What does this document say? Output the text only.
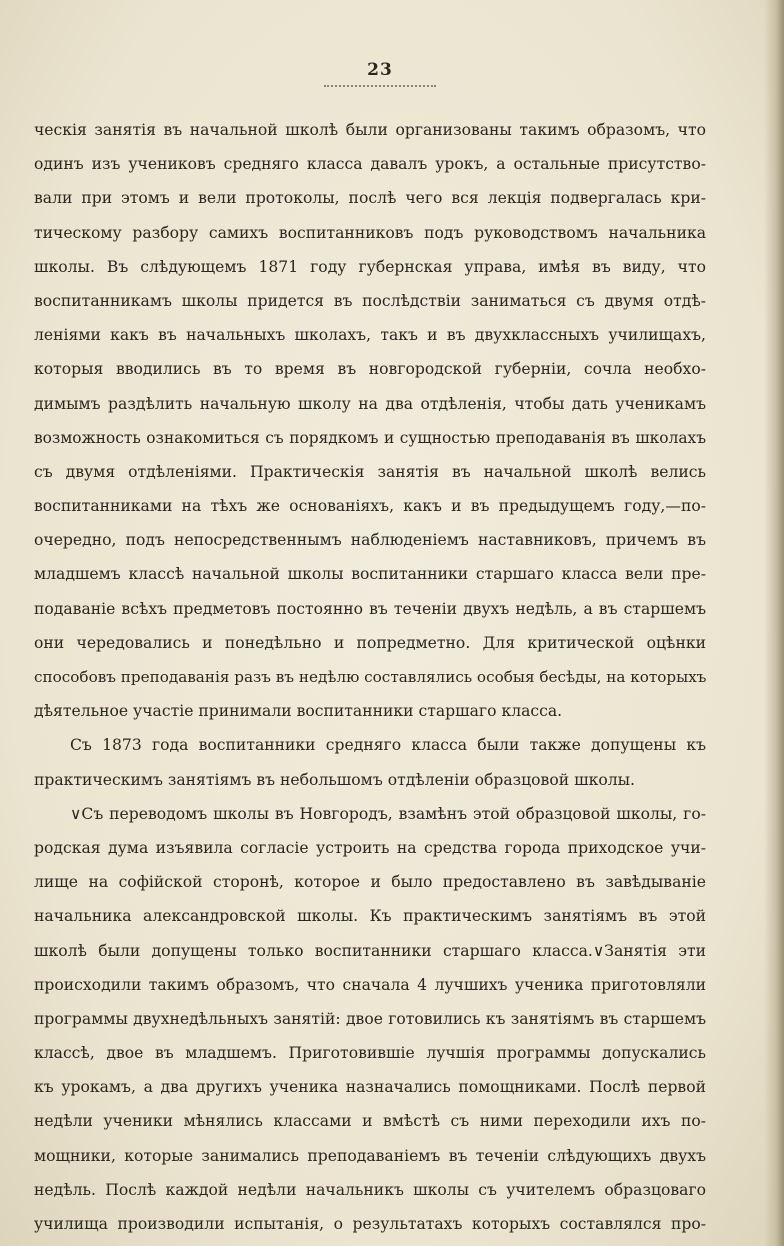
23
ческія занятія въ начальной школѣ были организованы такимъ образомъ, что
одинъ изъ учениковъ средняго класса давалъ урокъ, а остальные присутство-
вали при этомъ и вели протоколы, послѣ чего вся лекція подвергалась кри-
тическому разбору самихъ воспитанниковъ подъ руководствомъ начальника
школы. Въ слѣдующемъ 1871 году губернская управа, имѣя въ виду, что
воспитанникамъ школы придется въ послѣдствіи заниматься съ двумя отдѣ-
леніями какъ въ начальныхъ школахъ, такъ и въ двухклассныхъ училищахъ,
которыя вводились въ то время въ новгородской губерніи, сочла необхо-
димымъ раздѣлить начальную школу на два отдѣленія, чтобы дать ученикамъ
возможность ознакомиться съ порядкомъ и сущностью преподаванія въ школахъ
съ двумя отдѣленіями. Практическія занятія въ начальной школѣ велись
воспитанниками на тѣхъ же основаніяхъ, какъ и въ предыдущемъ году,—по-
очередно, подъ непосредственнымъ наблюденіемъ наставниковъ, причемъ въ
младшемъ классѣ начальной школы воспитанники старшаго класса вели пре-
подаваніе всѣхъ предметовъ постоянно въ теченіи двухъ недѣль, а въ старшемъ
они чередовались и понедѣльно и попредметно. Для критической оцѣнки
способовъ преподаванія разъ въ недѣлю составлялись особыя бесѣды, на которыхъ
дѣятельное участіе принимали воспитанники старшаго класса.
Съ 1873 года воспитанники средняго класса были также допущены къ
практическимъ занятіямъ въ небольшомъ отдѣленіи образцовой школы.
∨Съ переводомъ школы въ Новгородъ, взамѣнъ этой образцовой школы, го-
родская дума изъявила согласіе устроить на средства города приходское учи-
лище на софійской сторонѣ, которое и было предоставлено въ завѣдываніе
начальника александровской школы. Къ практическимъ занятіямъ въ этой
школѣ были допущены только воспитанники старшаго класса.∨Занятія эти
происходили такимъ образомъ, что сначала 4 лучшихъ ученика приготовляли
программы двухнедѣльныхъ занятій: двое готовились къ занятіямъ въ старшемъ
классѣ, двое въ младшемъ. Приготовившіе лучшія программы допускались
къ урокамъ, а два другихъ ученика назначались помощниками. Послѣ первой
недѣли ученики мѣнялись классами и вмѣстѣ съ ними переходили ихъ по-
мощники, которые занимались преподаваніемъ въ теченіи слѣдующихъ двухъ
недѣль. Послѣ каждой недѣли начальникъ школы съ учителемъ образцоваго
училища производили испытанія, о результатахъ которыхъ составлялся про-
